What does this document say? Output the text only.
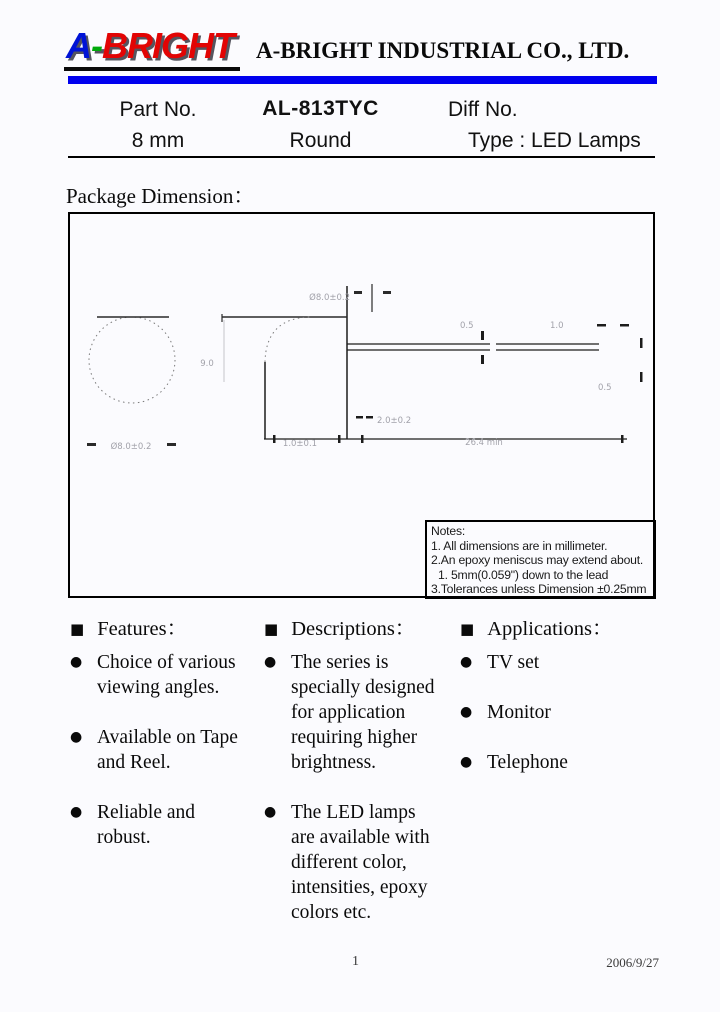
A-BRIGHT A-BRIGHT INDUSTRIAL CO., LTD.
Part No.	AL-813TYC	Diff No.
8 mm	Round	Type : LED Lamps
Package Dimension：
Ø8.0±0.2
9.0
Ø8.0±0.2
0.5	1.0
0.5
2.0±0.2
1.0±0.1	26.4 min
Notes:
1. All dimensions are in millimeter.
2.An epoxy meniscus may extend about.
1. 5mm(0.059") down to the lead
3.Tolerances unless Dimension ±0.25mm
■ Features：	■ Descriptions：	■ Applications：
● Choice of various
viewing angles.
● Available on Tape
and Reel.
● Reliable and
robust.
● The series is
specially designed
for application
requiring higher
brightness.
● The LED lamps
are available with
different color,
intensities, epoxy
colors etc.
● TV set
● Monitor
● Telephone
1	2006/9/27
